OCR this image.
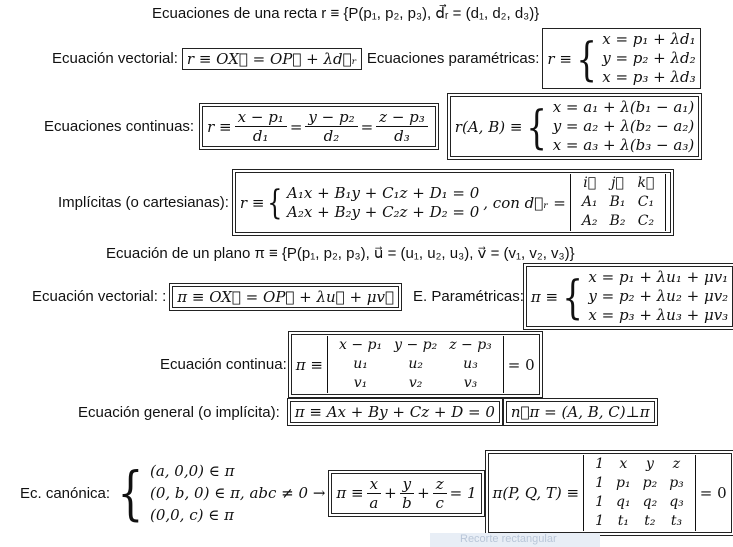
Ecuaciones de una recta r ≡ {P(p₁, p₂, p₃), d⃗ᵣ = (d₁, d₂, d₃)}
Ecuación vectorial: r ≡ OX⃗ = OP⃗ + λd⃗ᵣ Ecuaciones paramétricas: r ≡ { x = p₁ + λd₁
y = p₂ + λd₂
x = p₃ + λd₃
Ecuaciones continuas: $r \equiv \frac{\text{x − p₁}}{\text{d₁}} = \frac{\text{y − p₂}}{\text{d₂}} = \frac{\text{z − p₃}}{\text{d₃}} r(A$, B) ≡ { x = a₁ + λ(b₁ − a₁)
y = a₂ + λ(b₂ − a₂)
x = a₃ + λ(b₃ − a₃)
Implícitas (o cartesianas): r ≡ { A₁x + B₁y + C₁z + D₁ = 0
A₂x + B₂y + C₂z + D₂ = 0 , con d⃗ᵣ =
i⃗	j⃗	k⃗
A₁	B₁	C₁
A₂	B₂	C₂
Ecuación de un plano π ≡ {P(p₁, p₂, p₃), u⃗ = (u₁, u₂, u₃), v⃗ = (v₁, v₂, v₃)}
Ecuación vectorial: : π ≡ OX⃗ = OP⃗ + λu⃗ + μv⃗	E. Paramétricas: π ≡ { x = p₁ + λu₁ + μv₁
y = p₂ + λu₂ + μv₂
x = p₃ + λu₃ + μv₃
Ecuación continua: π ≡
x − p₁	y − p₂	z − p₃
u₁	u₂	u₃
v₁	v₂	v₃
= 0
Ecuación general (o implícita):	π ≡ Ax + By + Cz + D = 0	n⃗π = (A, B, C)⊥π
Ec. canónica: { (a, 0,0) ∈ π
(0, b, 0) ∈ π, abc ≠ 0 →
(0,0, c) ∈ π
$\pi \equiv \frac{x}{a} + \frac{y}{b} + \frac{z}{c} = 1$ π(P, Q, T) ≡
1	x	y	z
1	p₁	p₂	p₃
1	q₁	q₂	q₃
1	t₁	t₂	t₃
= 0
Recorte rectangular
